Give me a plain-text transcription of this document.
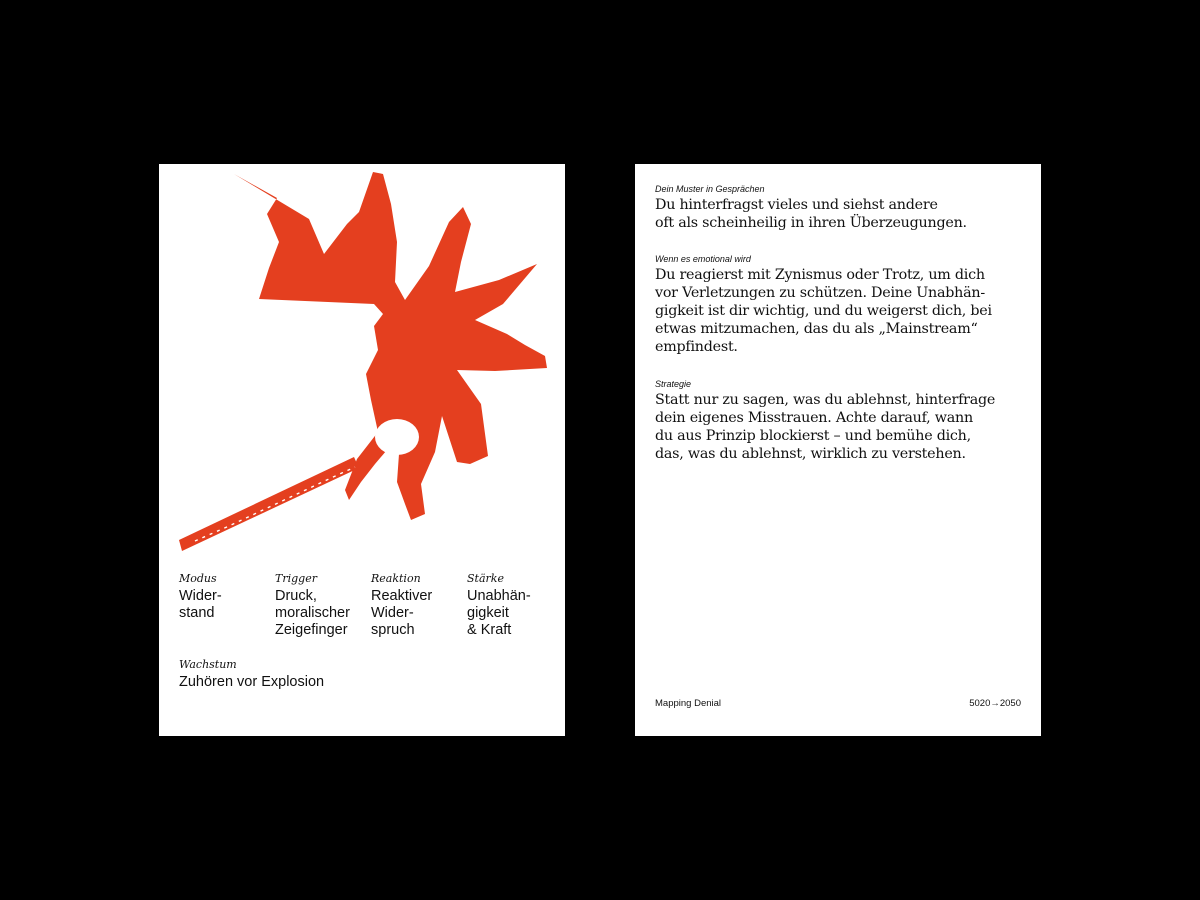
Modus
Wider-
stand
Trigger
Druck,
moralischer
Zeigefinger
Reaktion
Reaktiver
Wider-
spruch
Stärke
Unabhän-
gigkeit
& Kraft
Wachstum
Zuhören vor Explosion
Dein Muster in Gesprächen
Du hinterfragst vieles und siehst andere
oft als scheinheilig in ihren Überzeugungen.
Wenn es emotional wird
Du reagierst mit Zynismus oder Trotz, um dich
vor Verletzungen zu schützen. Deine Unabhän-
gigkeit ist dir wichtig, und du weigerst dich, bei
etwas mitzumachen, das du als „Mainstream“
empfindest.
Strategie
Statt nur zu sagen, was du ablehnst, hinterfrage
dein eigenes Misstrauen. Achte darauf, wann
du aus Prinzip blockierst – und bemühe dich,
das, was du ablehnst, wirklich zu verstehen.
Mapping Denial	5020→2050
